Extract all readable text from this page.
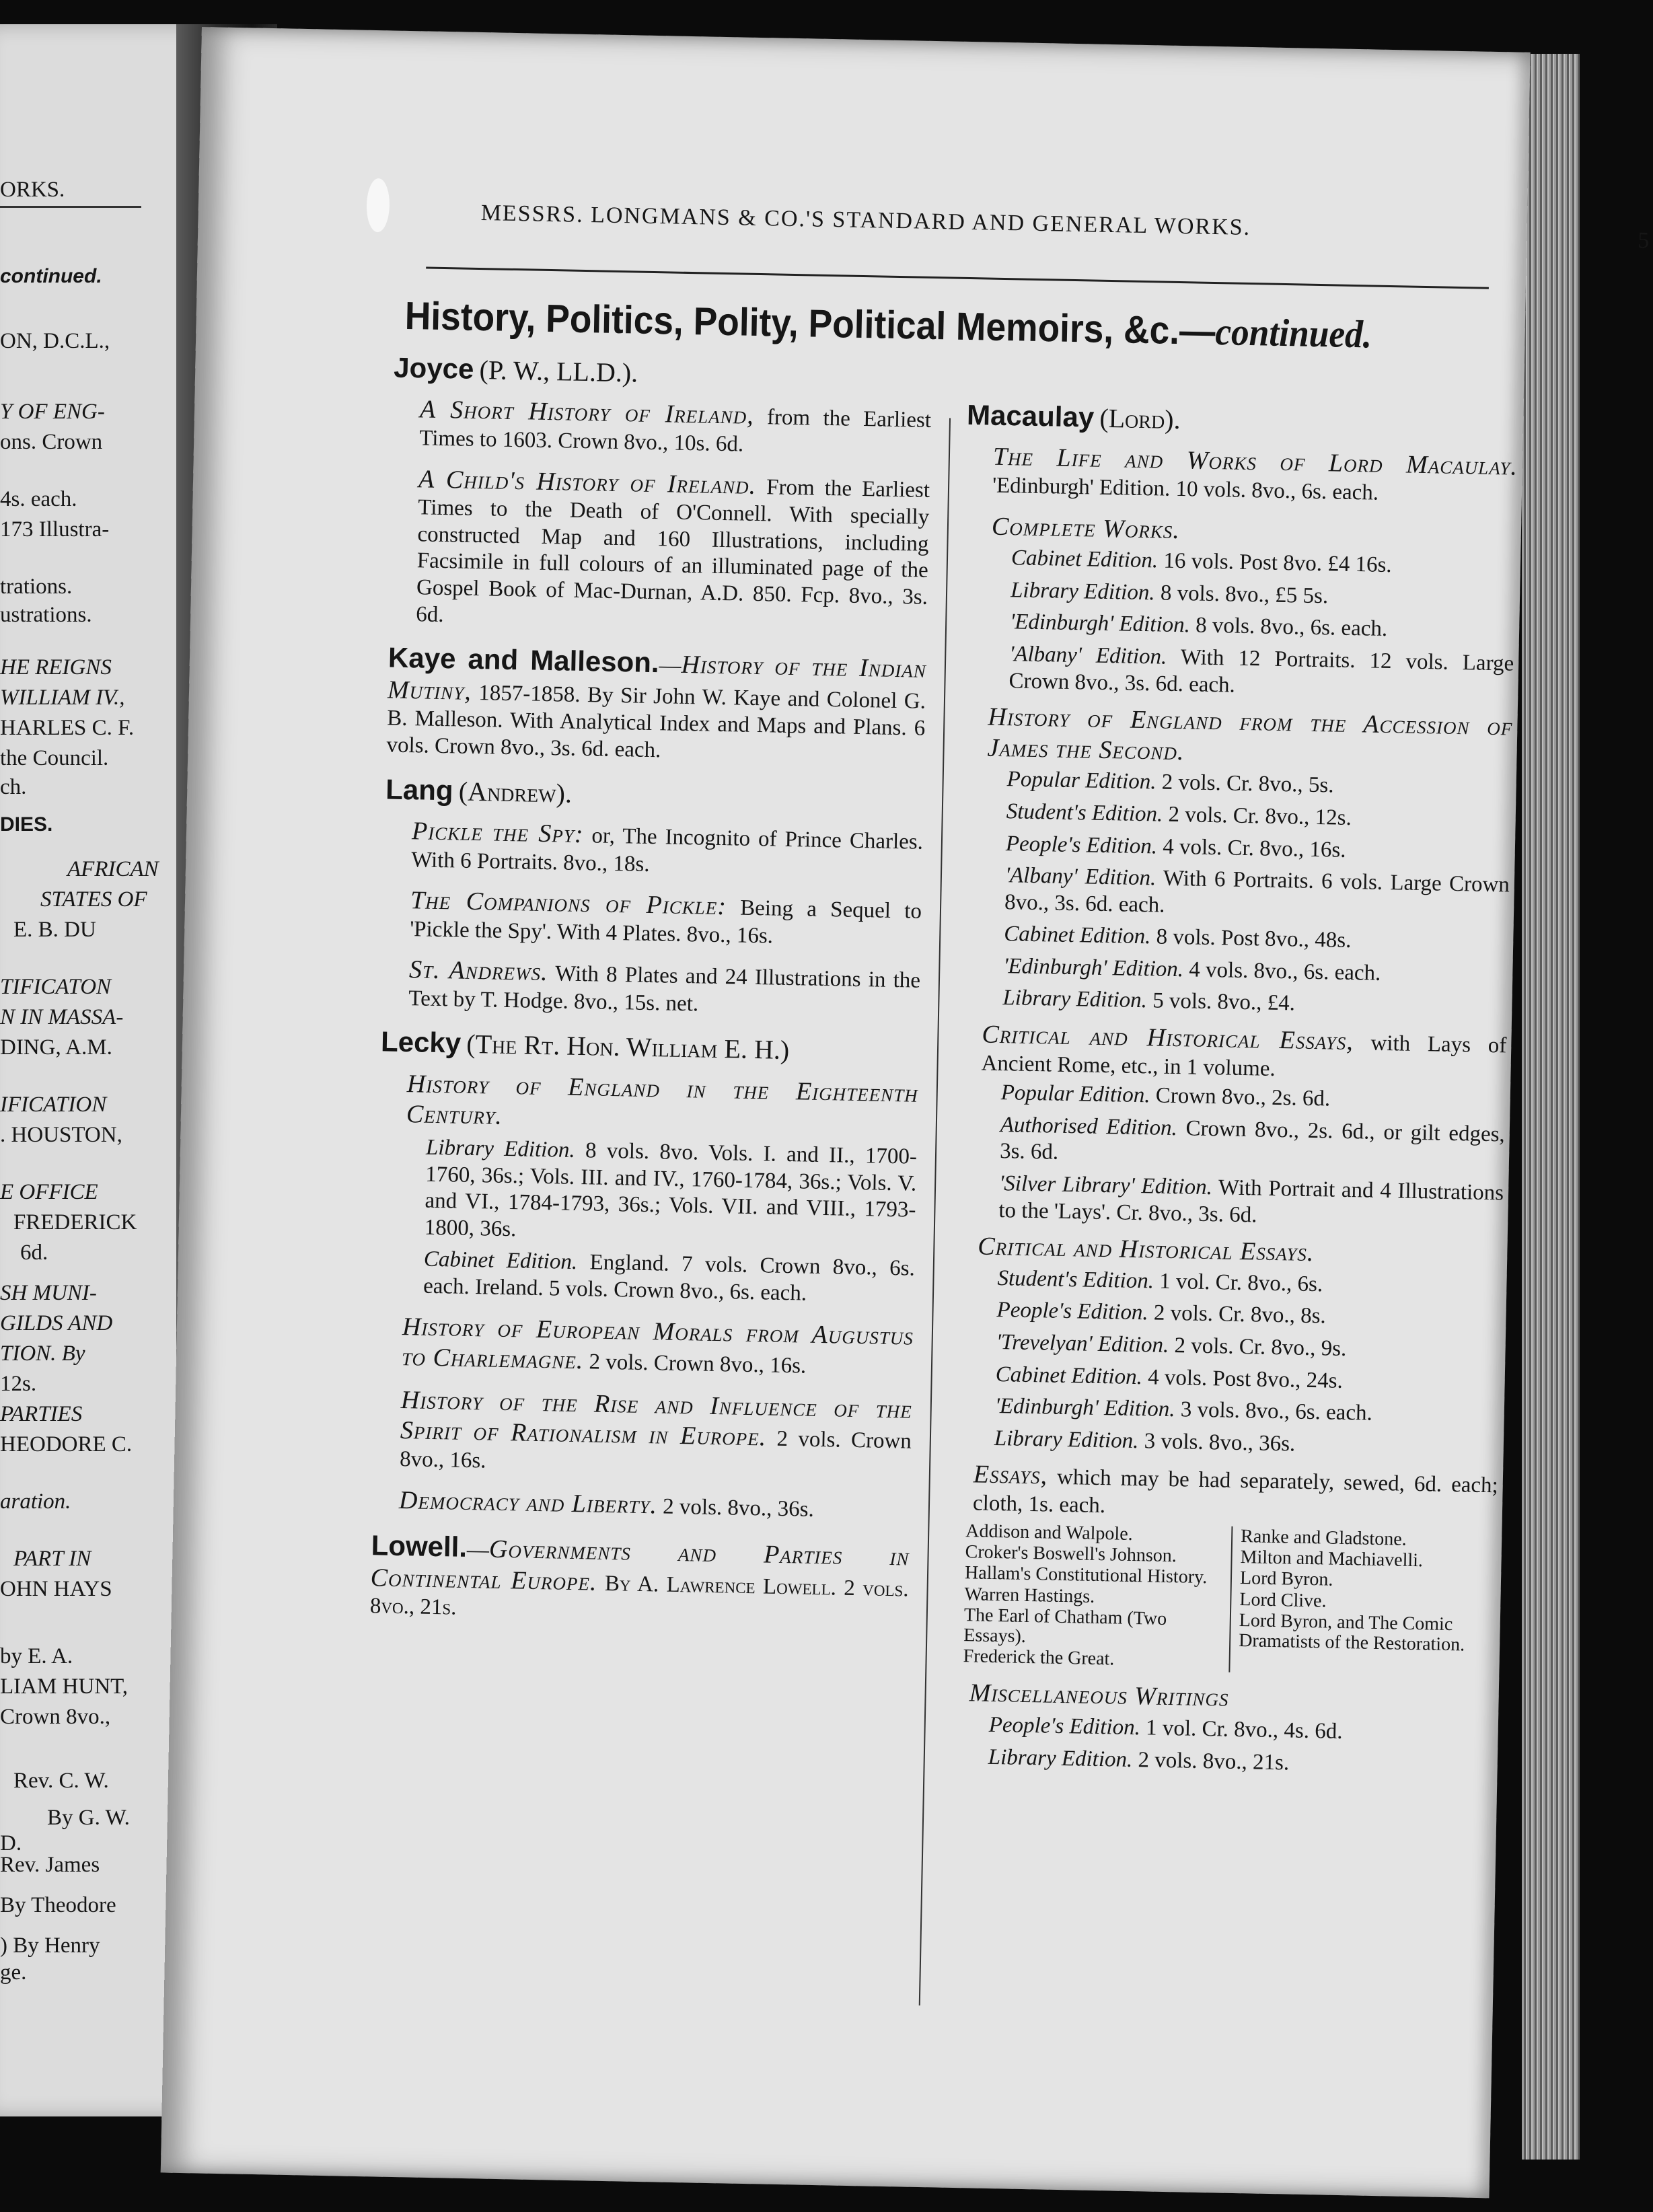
ORKS.
continued.
ON, D.C.L.,
Y OF ENG-
ons. Crown
4s. each.
173 Illustra-
trations.
ustrations.
HE REIGNS
WILLIAM IV.,
HARLES C. F.
the Council.
ch.
DIES.
AFRICAN
STATES OF
E. B. DU
TIFICATON
N IN MASSA-
DING, A.M.
IFICATION
. HOUSTON,
E OFFICE
FREDERICK
6d.
SH MUNI-
GILDS AND
TION. By
12s.
PARTIES
HEODORE C.
aration.
PART IN
OHN HAYS
by E. A.
LIAM HUNT,
Crown 8vo.,
Rev. C. W.
By G. W.
D.
Rev. James
By Theodore
) By Henry
ge.
MESSRS. LONGMANS & CO.'S STANDARD AND GENERAL WORKS.
5
History, Politics, Polity, Political Memoirs, &c.—continued.
Joyce (P. W., LL.D.).
A Short History of Ireland, from the Earliest Times to 1603. Crown 8vo., 10s. 6d.
A Child's History of Ireland. From the Earliest Times to the Death of O'Connell. With specially constructed Map and 160 Illustrations, including Facsimile in full colours of an illuminated page of the Gospel Book of Mac-Durnan, A.D. 850. Fcp. 8vo., 3s. 6d.
Kaye and Malleson.—History of the Indian Mutiny, 1857-1858. By Sir John W. Kaye and Colonel G. B. Malleson. With Analytical Index and Maps and Plans. 6 vols. Crown 8vo., 3s. 6d. each.
Lang (Andrew).
Pickle the Spy: or, The Incognito of Prince Charles. With 6 Portraits. 8vo., 18s.
The Companions of Pickle: Being a Sequel to 'Pickle the Spy'. With 4 Plates. 8vo., 16s.
St. Andrews. With 8 Plates and 24 Illustrations in the Text by T. Hodge. 8vo., 15s. net.
Lecky (The Rt. Hon. William E. H.)
History of England in the Eighteenth Century.
Library Edition. 8 vols. 8vo. Vols. I. and II., 1700-1760, 36s.; Vols. III. and IV., 1760-1784, 36s.; Vols. V. and VI., 1784-1793, 36s.; Vols. VII. and VIII., 1793-1800, 36s.
Cabinet Edition. England. 7 vols. Crown 8vo., 6s. each. Ireland. 5 vols. Crown 8vo., 6s. each.
History of European Morals from Augustus to Charlemagne. 2 vols. Crown 8vo., 16s.
History of the Rise and Influence of the Spirit of Rationalism in Europe. 2 vols. Crown 8vo., 16s.
Democracy and Liberty. 2 vols. 8vo., 36s.
Lowell.—Governments and Parties in Continental Europe. By A. Lawrence Lowell. 2 vols. 8vo., 21s.
Macaulay (Lord).
The Life and Works of Lord Macaulay. 'Edinburgh' Edition. 10 vols. 8vo., 6s. each.
Complete Works.
Cabinet Edition. 16 vols. Post 8vo. £4 16s.
Library Edition. 8 vols. 8vo., £5 5s.
'Edinburgh' Edition. 8 vols. 8vo., 6s. each.
'Albany' Edition. With 12 Portraits. 12 vols. Large Crown 8vo., 3s. 6d. each.
History of England from the Accession of James the Second.
Popular Edition. 2 vols. Cr. 8vo., 5s.
Student's Edition. 2 vols. Cr. 8vo., 12s.
People's Edition. 4 vols. Cr. 8vo., 16s.
'Albany' Edition. With 6 Portraits. 6 vols. Large Crown 8vo., 3s. 6d. each.
Cabinet Edition. 8 vols. Post 8vo., 48s.
'Edinburgh' Edition. 4 vols. 8vo., 6s. each.
Library Edition. 5 vols. 8vo., £4.
Critical and Historical Essays, with Lays of Ancient Rome, etc., in 1 volume.
Popular Edition. Crown 8vo., 2s. 6d.
Authorised Edition. Crown 8vo., 2s. 6d., or gilt edges, 3s. 6d.
'Silver Library' Edition. With Portrait and 4 Illustrations to the 'Lays'. Cr. 8vo., 3s. 6d.
Critical and Historical Essays.
Student's Edition. 1 vol. Cr. 8vo., 6s.
People's Edition. 2 vols. Cr. 8vo., 8s.
'Trevelyan' Edition. 2 vols. Cr. 8vo., 9s.
Cabinet Edition. 4 vols. Post 8vo., 24s.
'Edinburgh' Edition. 3 vols. 8vo., 6s. each.
Library Edition. 3 vols. 8vo., 36s.
Essays, which may be had separately, sewed, 6d. each; cloth, 1s. each.
Addison and Walpole.
Croker's Boswell's Johnson.
Hallam's Constitutional History.
Warren Hastings.
The Earl of Chatham (Two Essays).
Frederick the Great.
Ranke and Gladstone.
Milton and Machiavelli.
Lord Byron.
Lord Clive.
Lord Byron, and The Comic Dramatists of the Restoration.
Miscellaneous Writings
People's Edition. 1 vol. Cr. 8vo., 4s. 6d.
Library Edition. 2 vols. 8vo., 21s.
